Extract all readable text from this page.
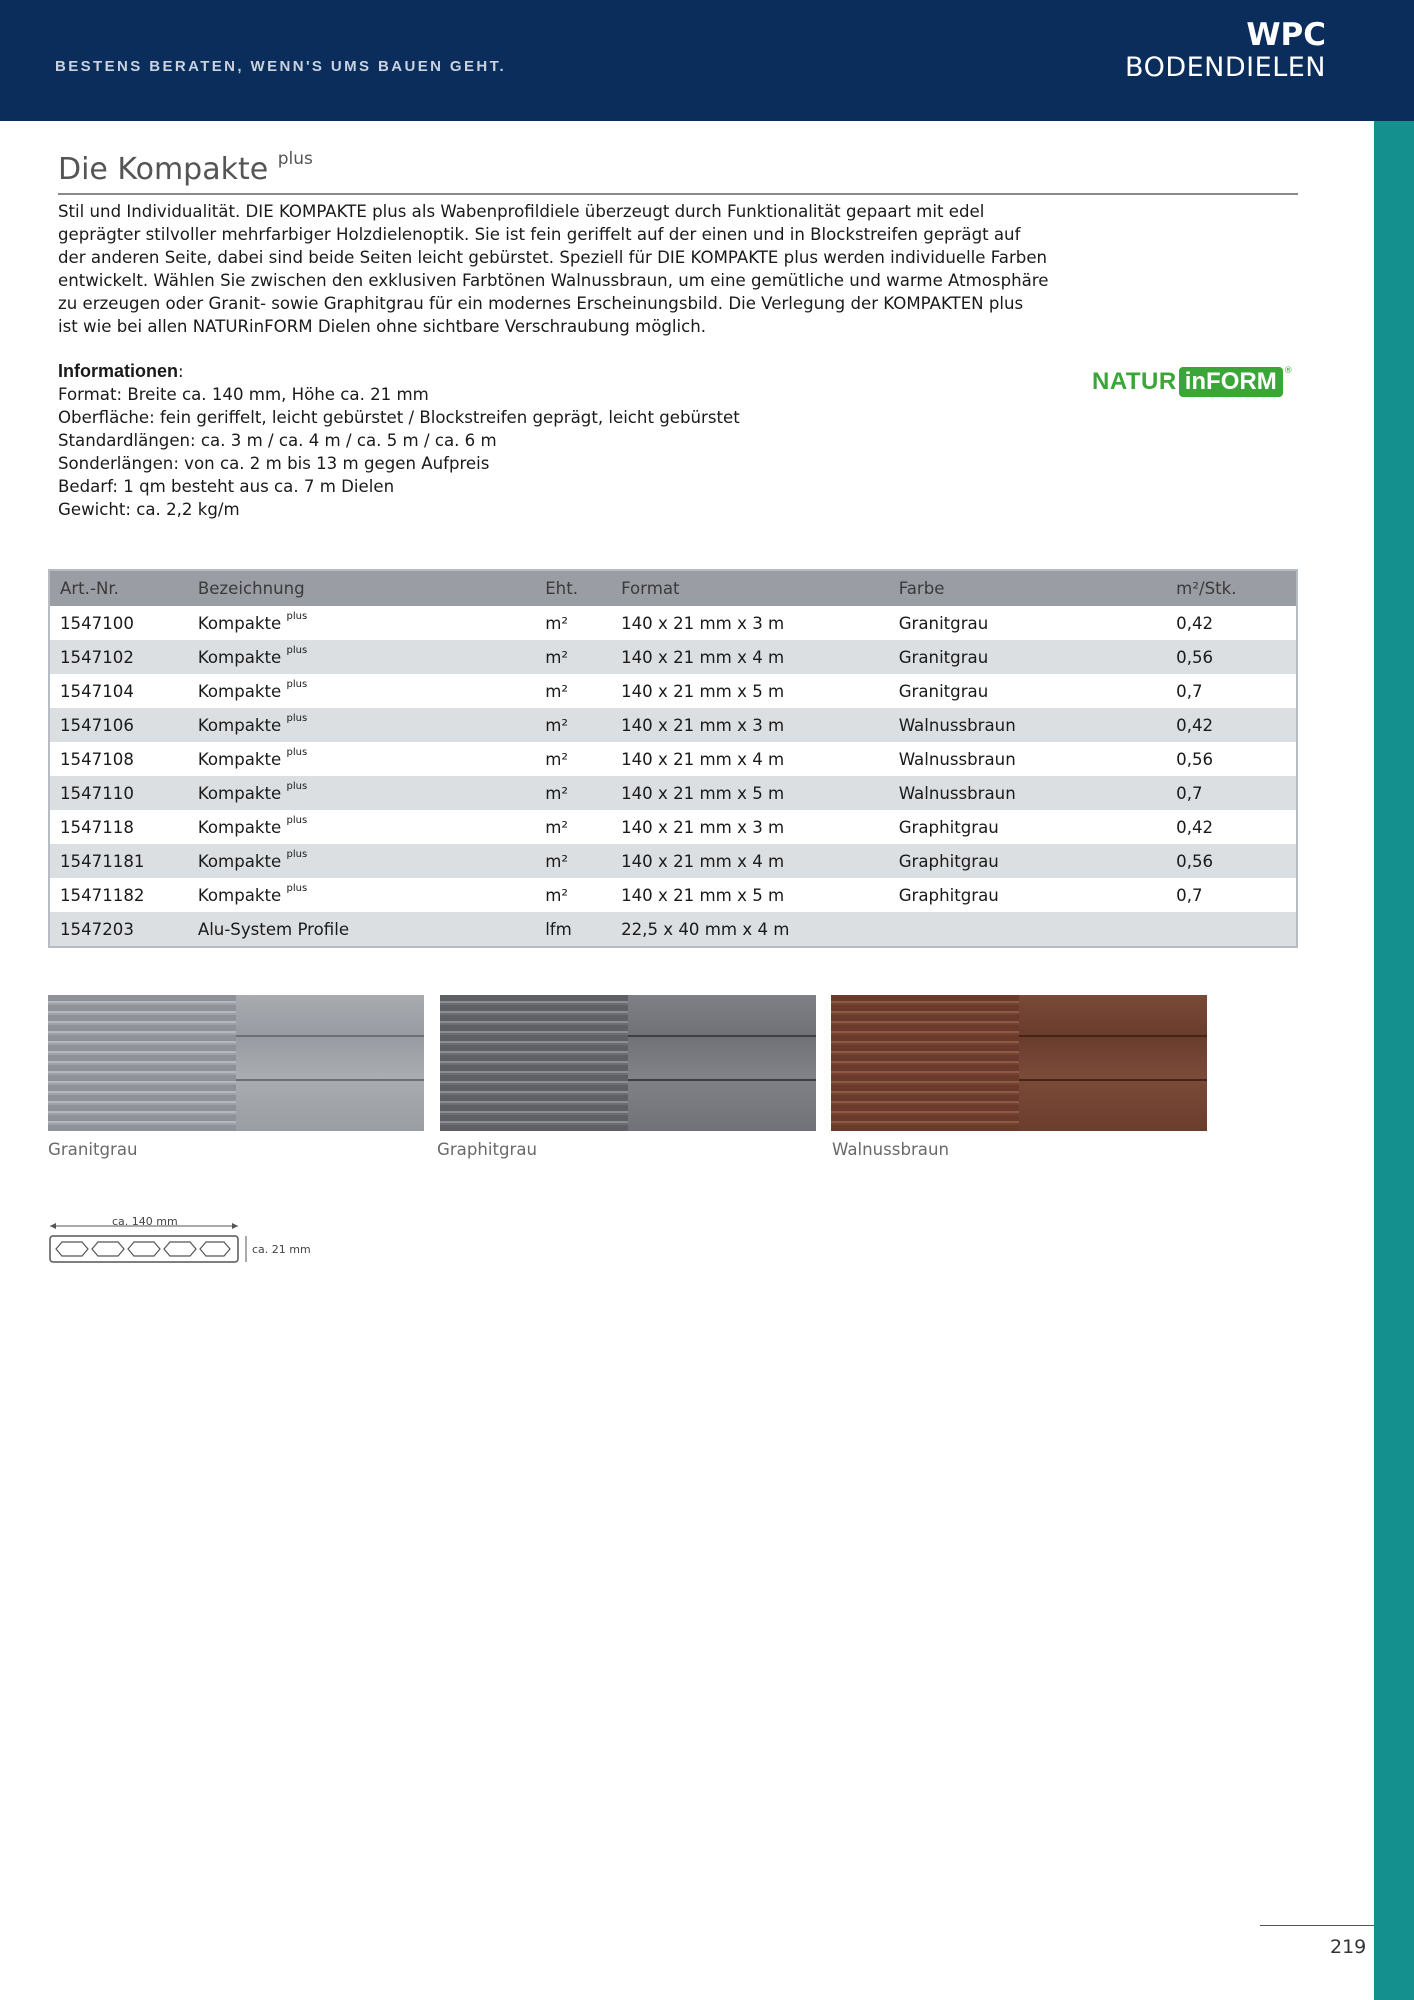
BESTENS BERATEN, WENN'S UMS BAUEN GEHT.
WPC
BODENDIELEN
Die Kompakte $^{plus}$
Stil und Individualität. DIE KOMPAKTE plus als Wabenprofildiele überzeugt durch Funktionalität gepaart mit edel
geprägter stilvoller mehrfarbiger Holzdielenoptik. Sie ist fein geriffelt auf der einen und in Blockstreifen geprägt auf
der anderen Seite, dabei sind beide Seiten leicht gebürstet. Speziell für DIE KOMPAKTE plus werden individuelle Farben
entwickelt. Wählen Sie zwischen den exklusiven Farbtönen Walnussbraun, um eine gemütliche und warme Atmosphäre
zu erzeugen oder Granit- sowie Graphitgrau für ein modernes Erscheinungsbild. Die Verlegung der KOMPAKTEN plus
ist wie bei allen NATURinFORM Dielen ohne sichtbare Verschraubung möglich.
Informationen:
Format: Breite ca. 140 mm, Höhe ca. 21 mm
Oberfläche: fein geriffelt, leicht gebürstet / Blockstreifen geprägt, leicht gebürstet
Standardlängen: ca. 3 m / ca. 4 m / ca. 5 m / ca. 6 m
Sonderlängen: von ca. 2 m bis 13 m gegen Aufpreis
Bedarf: 1 qm besteht aus ca. 7 m Dielen
Gewicht: ca. 2,2 kg/m
NATUR inFORM ®
Art.-Nr.	Bezeichnung	Eht.	Format	Farbe	m²/Stk.
1547100	Kompakte $^{plus}$	m²	140 x 21 mm x 3 m	Granitgrau	0,42
1547102	Kompakte $^{plus}$	m²	140 x 21 mm x 4 m	Granitgrau	0,56
1547104	Kompakte $^{plus}$	m²	140 x 21 mm x 5 m	Granitgrau	0,7
1547106	Kompakte $^{plus}$	m²	140 x 21 mm x 3 m	Walnussbraun	0,42
1547108	Kompakte $^{plus}$	m²	140 x 21 mm x 4 m	Walnussbraun	0,56
1547110	Kompakte $^{plus}$	m²	140 x 21 mm x 5 m	Walnussbraun	0,7
1547118	Kompakte $^{plus}$	m²	140 x 21 mm x 3 m	Graphitgrau	0,42
15471181	Kompakte $^{plus}$	m²	140 x 21 mm x 4 m	Graphitgrau	0,56
15471182	Kompakte $^{plus}$	m²	140 x 21 mm x 5 m	Graphitgrau	0,7
1547203	Alu-System Profile	lfm	22,5 x 40 mm x 4 m		
Granitgrau	Graphitgrau	Walnussbraun
ca. 140 mm
ca. 21 mm
219
